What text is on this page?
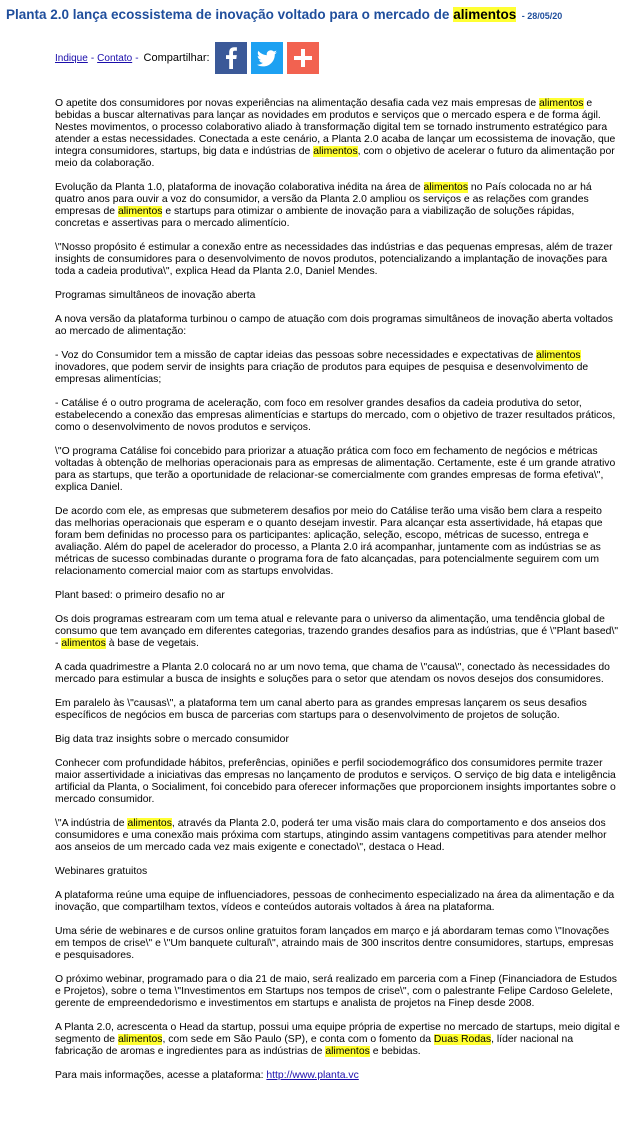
Planta 2.0 lança ecossistema de inovação voltado para o mercado de alimentos - 28/05/20
Indique - Contato - Compartilhar:

O apetite dos consumidores por novas experiências na alimentação desafia cada vez mais empresas de alimentos e bebidas a buscar alternativas para lançar as novidades em produtos e serviços que o mercado espera e de forma ágil. Nestes movimentos, o processo colaborativo aliado à transformação digital tem se tornado instrumento estratégico para atender a estas necessidades. Conectada a este cenário, a Planta 2.0 acaba de lançar um ecossistema de inovação, que integra consumidores, startups, big data e indústrias de alimentos, com o objetivo de acelerar o futuro da alimentação por meio da colaboração.

Evolução da Planta 1.0, plataforma de inovação colaborativa inédita na área de alimentos no País colocada no ar há quatro anos para ouvir a voz do consumidor, a versão da Planta 2.0 ampliou os serviços e as relações com grandes empresas de alimentos e startups para otimizar o ambiente de inovação para a viabilização de soluções rápidas, concretas e assertivas para o mercado alimentício.

\"Nosso propósito é estimular a conexão entre as necessidades das indústrias e das pequenas empresas, além de trazer insights de consumidores para o desenvolvimento de novos produtos, potencializando a implantação de inovações para toda a cadeia produtiva\", explica Head da Planta 2.0, Daniel Mendes.

Programas simultâneos de inovação aberta

A nova versão da plataforma turbinou o campo de atuação com dois programas simultâneos de inovação aberta voltados ao mercado de alimentação:

- Voz do Consumidor tem a missão de captar ideias das pessoas sobre necessidades e expectativas de alimentos inovadores, que podem servir de insights para criação de produtos para equipes de pesquisa e desenvolvimento de empresas alimentícias;

- Catálise é o outro programa de aceleração, com foco em resolver grandes desafios da cadeia produtiva do setor, estabelecendo a conexão das empresas alimentícias e startups do mercado, com o objetivo de trazer resultados práticos, como o desenvolvimento de novos produtos e serviços.

\"O programa Catálise foi concebido para priorizar a atuação prática com foco em fechamento de negócios e métricas voltadas à obtenção de melhorias operacionais para as empresas de alimentação. Certamente, este é um grande atrativo para as startups, que terão a oportunidade de relacionar-se comercialmente com grandes empresas de forma efetiva\", explica Daniel.

De acordo com ele, as empresas que submeterem desafios por meio do Catálise terão uma visão bem clara a respeito das melhorias operacionais que esperam e o quanto desejam investir. Para alcançar esta assertividade, há etapas que foram bem definidas no processo para os participantes: aplicação, seleção, escopo, métricas de sucesso, entrega e avaliação. Além do papel de acelerador do processo, a Planta 2.0 irá acompanhar, juntamente com as indústrias se as métricas de sucesso combinadas durante o programa fora de fato alcançadas, para potencialmente seguirem com um relacionamento comercial maior com as startups envolvidas.

Plant based: o primeiro desafio no ar

Os dois programas estrearam com um tema atual e relevante para o universo da alimentação, uma tendência global de consumo que tem avançado em diferentes categorias, trazendo grandes desafios para as indústrias, que é \"Plant based\" - alimentos à base de vegetais.

A cada quadrimestre a Planta 2.0 colocará no ar um novo tema, que chama de \"causa\", conectado às necessidades do mercado para estimular a busca de insights e soluções para o setor que atendam os novos desejos dos consumidores.

Em paralelo às \"causas\", a plataforma tem um canal aberto para as grandes empresas lançarem os seus desafios específicos de negócios em busca de parcerias com startups para o desenvolvimento de projetos de solução.

Big data traz insights sobre o mercado consumidor

Conhecer com profundidade hábitos, preferências, opiniões e perfil sociodemográfico dos consumidores permite trazer maior assertividade a iniciativas das empresas no lançamento de produtos e serviços. O serviço de big data e inteligência artificial da Planta, o Socialiment, foi concebido para oferecer informações que proporcionem insights importantes sobre o mercado consumidor.

\"A indústria de alimentos, através da Planta 2.0, poderá ter uma visão mais clara do comportamento e dos anseios dos consumidores e uma conexão mais próxima com startups, atingindo assim vantagens competitivas para atender melhor aos anseios de um mercado cada vez mais exigente e conectado\", destaca o Head.

Webinares gratuitos

A plataforma reúne uma equipe de influenciadores, pessoas de conhecimento especializado na área da alimentação e da inovação, que compartilham textos, vídeos e conteúdos autorais voltados à área na plataforma.

Uma série de webinares e de cursos online gratuitos foram lançados em março e já abordaram temas como \"Inovações em tempos de crise\" e \"Um banquete cultural\", atraindo mais de 300 inscritos dentre consumidores, startups, empresas e pesquisadores.

O próximo webinar, programado para o dia 21 de maio, será realizado em parceria com a Finep (Financiadora de Estudos e Projetos), sobre o tema \"Investimentos em Startups nos tempos de crise\", com o palestrante Felipe Cardoso Gelelete, gerente de empreendedorismo e investimentos em startups e analista de projetos na Finep desde 2008.

A Planta 2.0, acrescenta o Head da startup, possui uma equipe própria de expertise no mercado de startups, meio digital e segmento de alimentos, com sede em São Paulo (SP), e conta com o fomento da Duas Rodas, líder nacional na fabricação de aromas e ingredientes para as indústrias de alimentos e bebidas.

Para mais informações, acesse a plataforma: http://www.planta.vc
